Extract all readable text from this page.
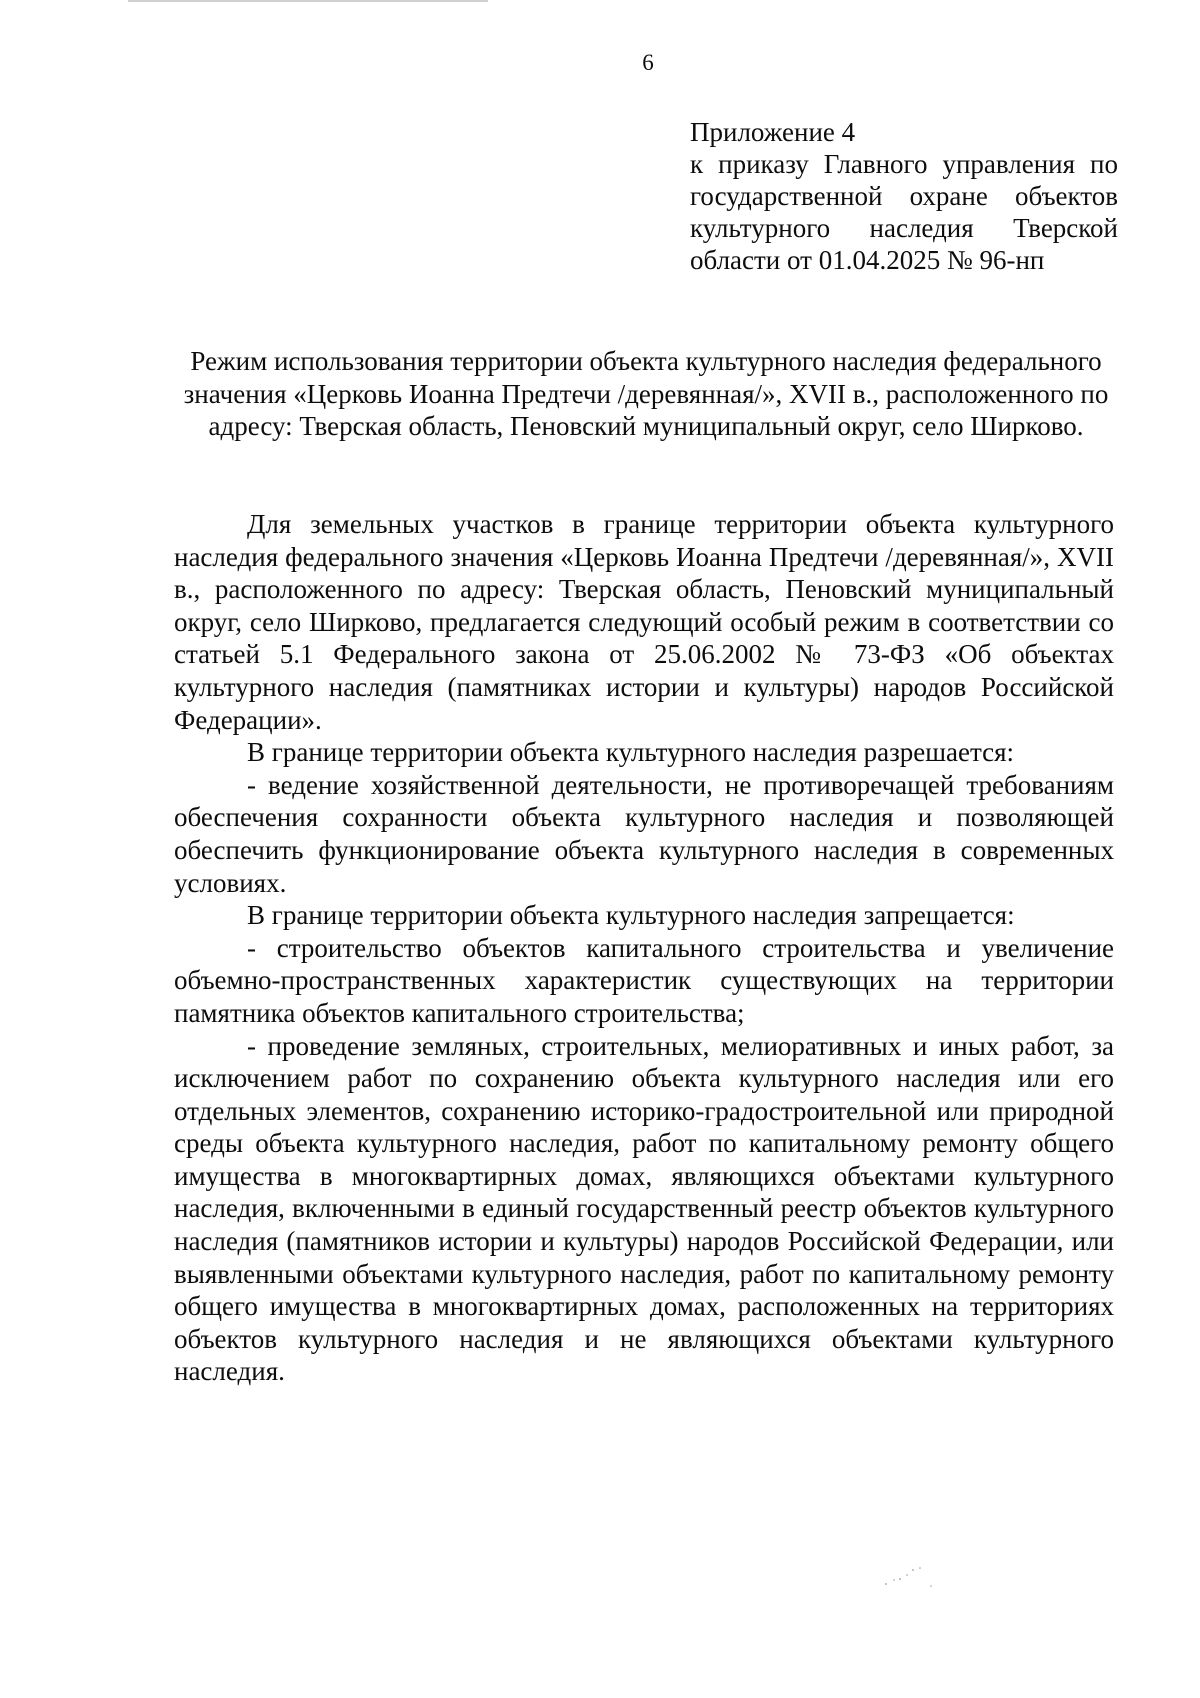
6
Приложение 4
к приказу Главного управления по государственной охране объектов культурного наследия Тверской области от 01.04.2025 № 96-нп
Режим использования территории объекта культурного наследия федерального значения «Церковь Иоанна Предтечи /деревянная/», XVII в., расположенного по адресу: Тверская область, Пеновский муниципальный округ, село Ширково.

Для земельных участков в границе территории объекта культурного наследия федерального значения «Церковь Иоанна Предтечи /деревянная/», XVII в., расположенного по адресу: Тверская область, Пеновский муниципальный округ, село Ширково, предлагается следующий особый режим в соответствии со статьей 5.1 Федерального закона от 25.06.2002 № 73-ФЗ «Об объектах культурного наследия (памятниках истории и культуры) народов Российской Федерации».

В границе территории объекта культурного наследия разрешается:

- ведение хозяйственной деятельности, не противоречащей требованиям обеспечения сохранности объекта культурного наследия и позволяющей обеспечить функционирование объекта культурного наследия в современных условиях.

В границе территории объекта культурного наследия запрещается:

- строительство объектов капитального строительства и увеличение объемно-пространственных характеристик существующих на территории памятника объектов капитального строительства;

- проведение земляных, строительных, мелиоративных и иных работ, за исключением работ по сохранению объекта культурного наследия или его отдельных элементов, сохранению историко-градостроительной или природной среды объекта культурного наследия, работ по капитальному ремонту общего имущества в многоквартирных домах, являющихся объектами культурного наследия, включенными в единый государственный реестр объектов культурного наследия (памятников истории и культуры) народов Российской Федерации, или выявленными объектами культурного наследия, работ по капитальному ремонту общего имущества в многоквартирных домах, расположенных на территориях объектов культурного наследия и не являющихся объектами культурного наследия.
